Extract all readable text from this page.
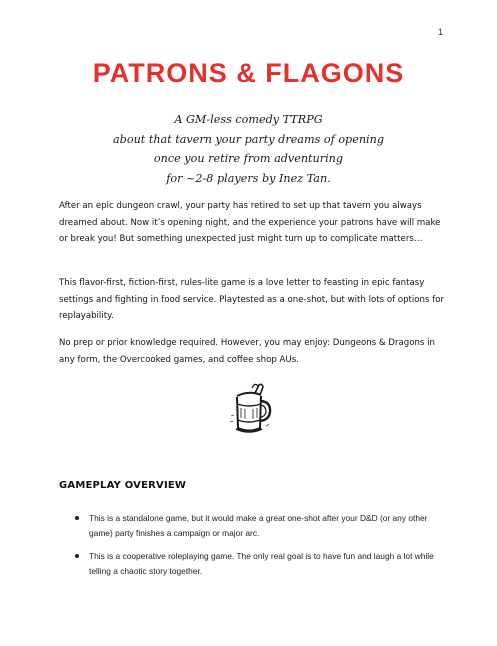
1
PATRONS & FLAGONS
A GM-less comedy TTRPG
about that tavern your party dreams of opening
once you retire from adventuring
for ~2-8 players by Inez Tan.

After an epic dungeon crawl, your party has retired to set up that tavern you always dreamed about. Now it’s opening night, and the experience your patrons have will make or break you! But something unexpected just might turn up to complicate matters…

This flavor-first, fiction-first, rules-lite game is a love letter to feasting in epic fantasy settings and fighting in food service. Playtested as a one-shot, but with lots of options for replayability.

No prep or prior knowledge required. However, you may enjoy: Dungeons & Dragons in any form, the Overcooked games, and coffee shop AUs.

GAMEPLAY OVERVIEW
This is a standalone game, but it would make a great one-shot after your D&D (or any other game) party finishes a campaign or major arc.
This is a cooperative roleplaying game. The only real goal is to have fun and laugh a lot while telling a chaotic story together.
